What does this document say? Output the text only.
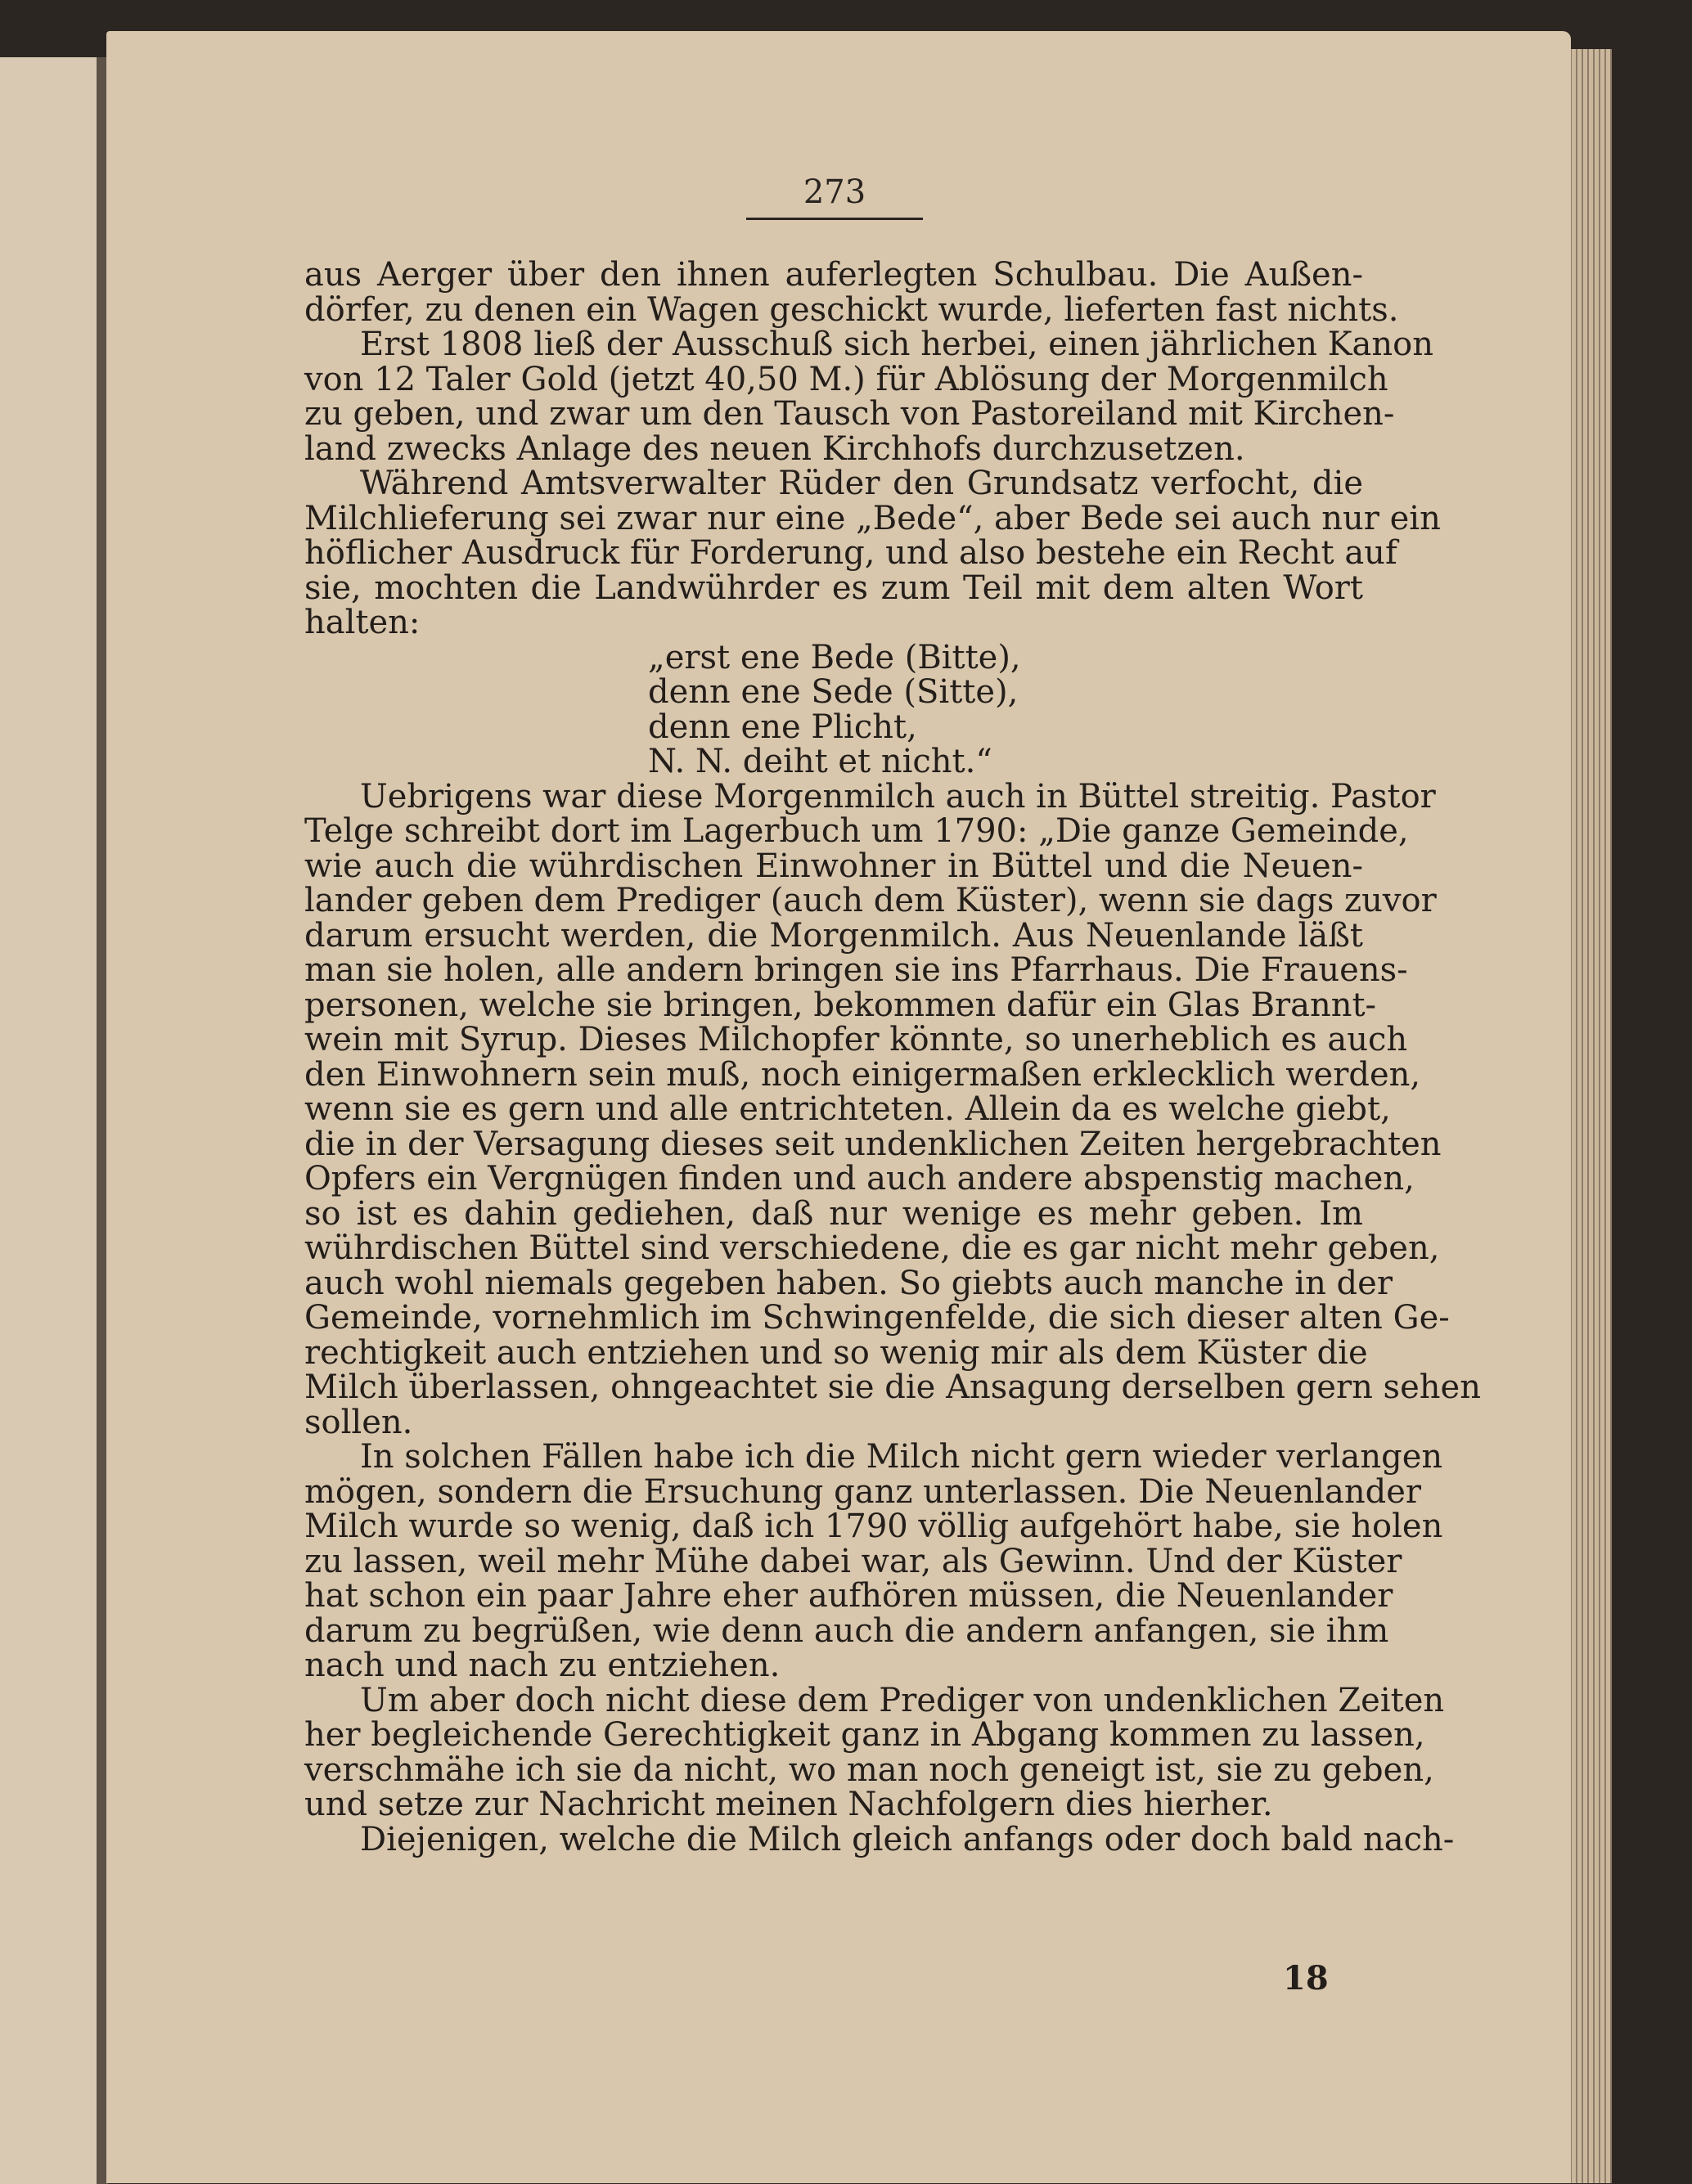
273
aus Aerger über den ihnen auferlegten Schulbau. Die Außen-
dörfer, zu denen ein Wagen geschickt wurde, lieferten fast nichts.
Erst 1808 ließ der Ausschuß sich herbei, einen jährlichen Kanon
von 12 Taler Gold (jetzt 40,50 M.) für Ablösung der Morgenmilch
zu geben, und zwar um den Tausch von Pastoreiland mit Kirchen-
land zwecks Anlage des neuen Kirchhofs durchzusetzen.
Während Amtsverwalter Rüder den Grundsatz verfocht, die
Milchlieferung sei zwar nur eine „Bede“, aber Bede sei auch nur ein
höflicher Ausdruck für Forderung, und also bestehe ein Recht auf
sie, mochten die Landwührder es zum Teil mit dem alten Wort
halten:
„erst ene Bede (Bitte),
denn ene Sede (Sitte),
denn ene Plicht,
N. N. deiht et nicht.“
Uebrigens war diese Morgenmilch auch in Büttel streitig. Pastor
Telge schreibt dort im Lagerbuch um 1790: „Die ganze Gemeinde,
wie auch die wührdischen Einwohner in Büttel und die Neuen-
lander geben dem Prediger (auch dem Küster), wenn sie dags zuvor
darum ersucht werden, die Morgenmilch. Aus Neuenlande läßt
man sie holen, alle andern bringen sie ins Pfarrhaus. Die Frauens-
personen, welche sie bringen, bekommen dafür ein Glas Brannt-
wein mit Syrup. Dieses Milchopfer könnte, so unerheblich es auch
den Einwohnern sein muß, noch einigermaßen erklecklich werden,
wenn sie es gern und alle entrichteten. Allein da es welche giebt,
die in der Versagung dieses seit undenklichen Zeiten hergebrachten
Opfers ein Vergnügen finden und auch andere abspenstig machen,
so ist es dahin gediehen, daß nur wenige es mehr geben. Im
wührdischen Büttel sind verschiedene, die es gar nicht mehr geben,
auch wohl niemals gegeben haben. So giebts auch manche in der
Gemeinde, vornehmlich im Schwingenfelde, die sich dieser alten Ge-
rechtigkeit auch entziehen und so wenig mir als dem Küster die
Milch überlassen, ohngeachtet sie die Ansagung derselben gern sehen
sollen.
In solchen Fällen habe ich die Milch nicht gern wieder verlangen
mögen, sondern die Ersuchung ganz unterlassen. Die Neuenlander
Milch wurde so wenig, daß ich 1790 völlig aufgehört habe, sie holen
zu lassen, weil mehr Mühe dabei war, als Gewinn. Und der Küster
hat schon ein paar Jahre eher aufhören müssen, die Neuenlander
darum zu begrüßen, wie denn auch die andern anfangen, sie ihm
nach und nach zu entziehen.
Um aber doch nicht diese dem Prediger von undenklichen Zeiten
her begleichende Gerechtigkeit ganz in Abgang kommen zu lassen,
verschmähe ich sie da nicht, wo man noch geneigt ist, sie zu geben,
und setze zur Nachricht meinen Nachfolgern dies hierher.
Diejenigen, welche die Milch gleich anfangs oder doch bald nach-
18
